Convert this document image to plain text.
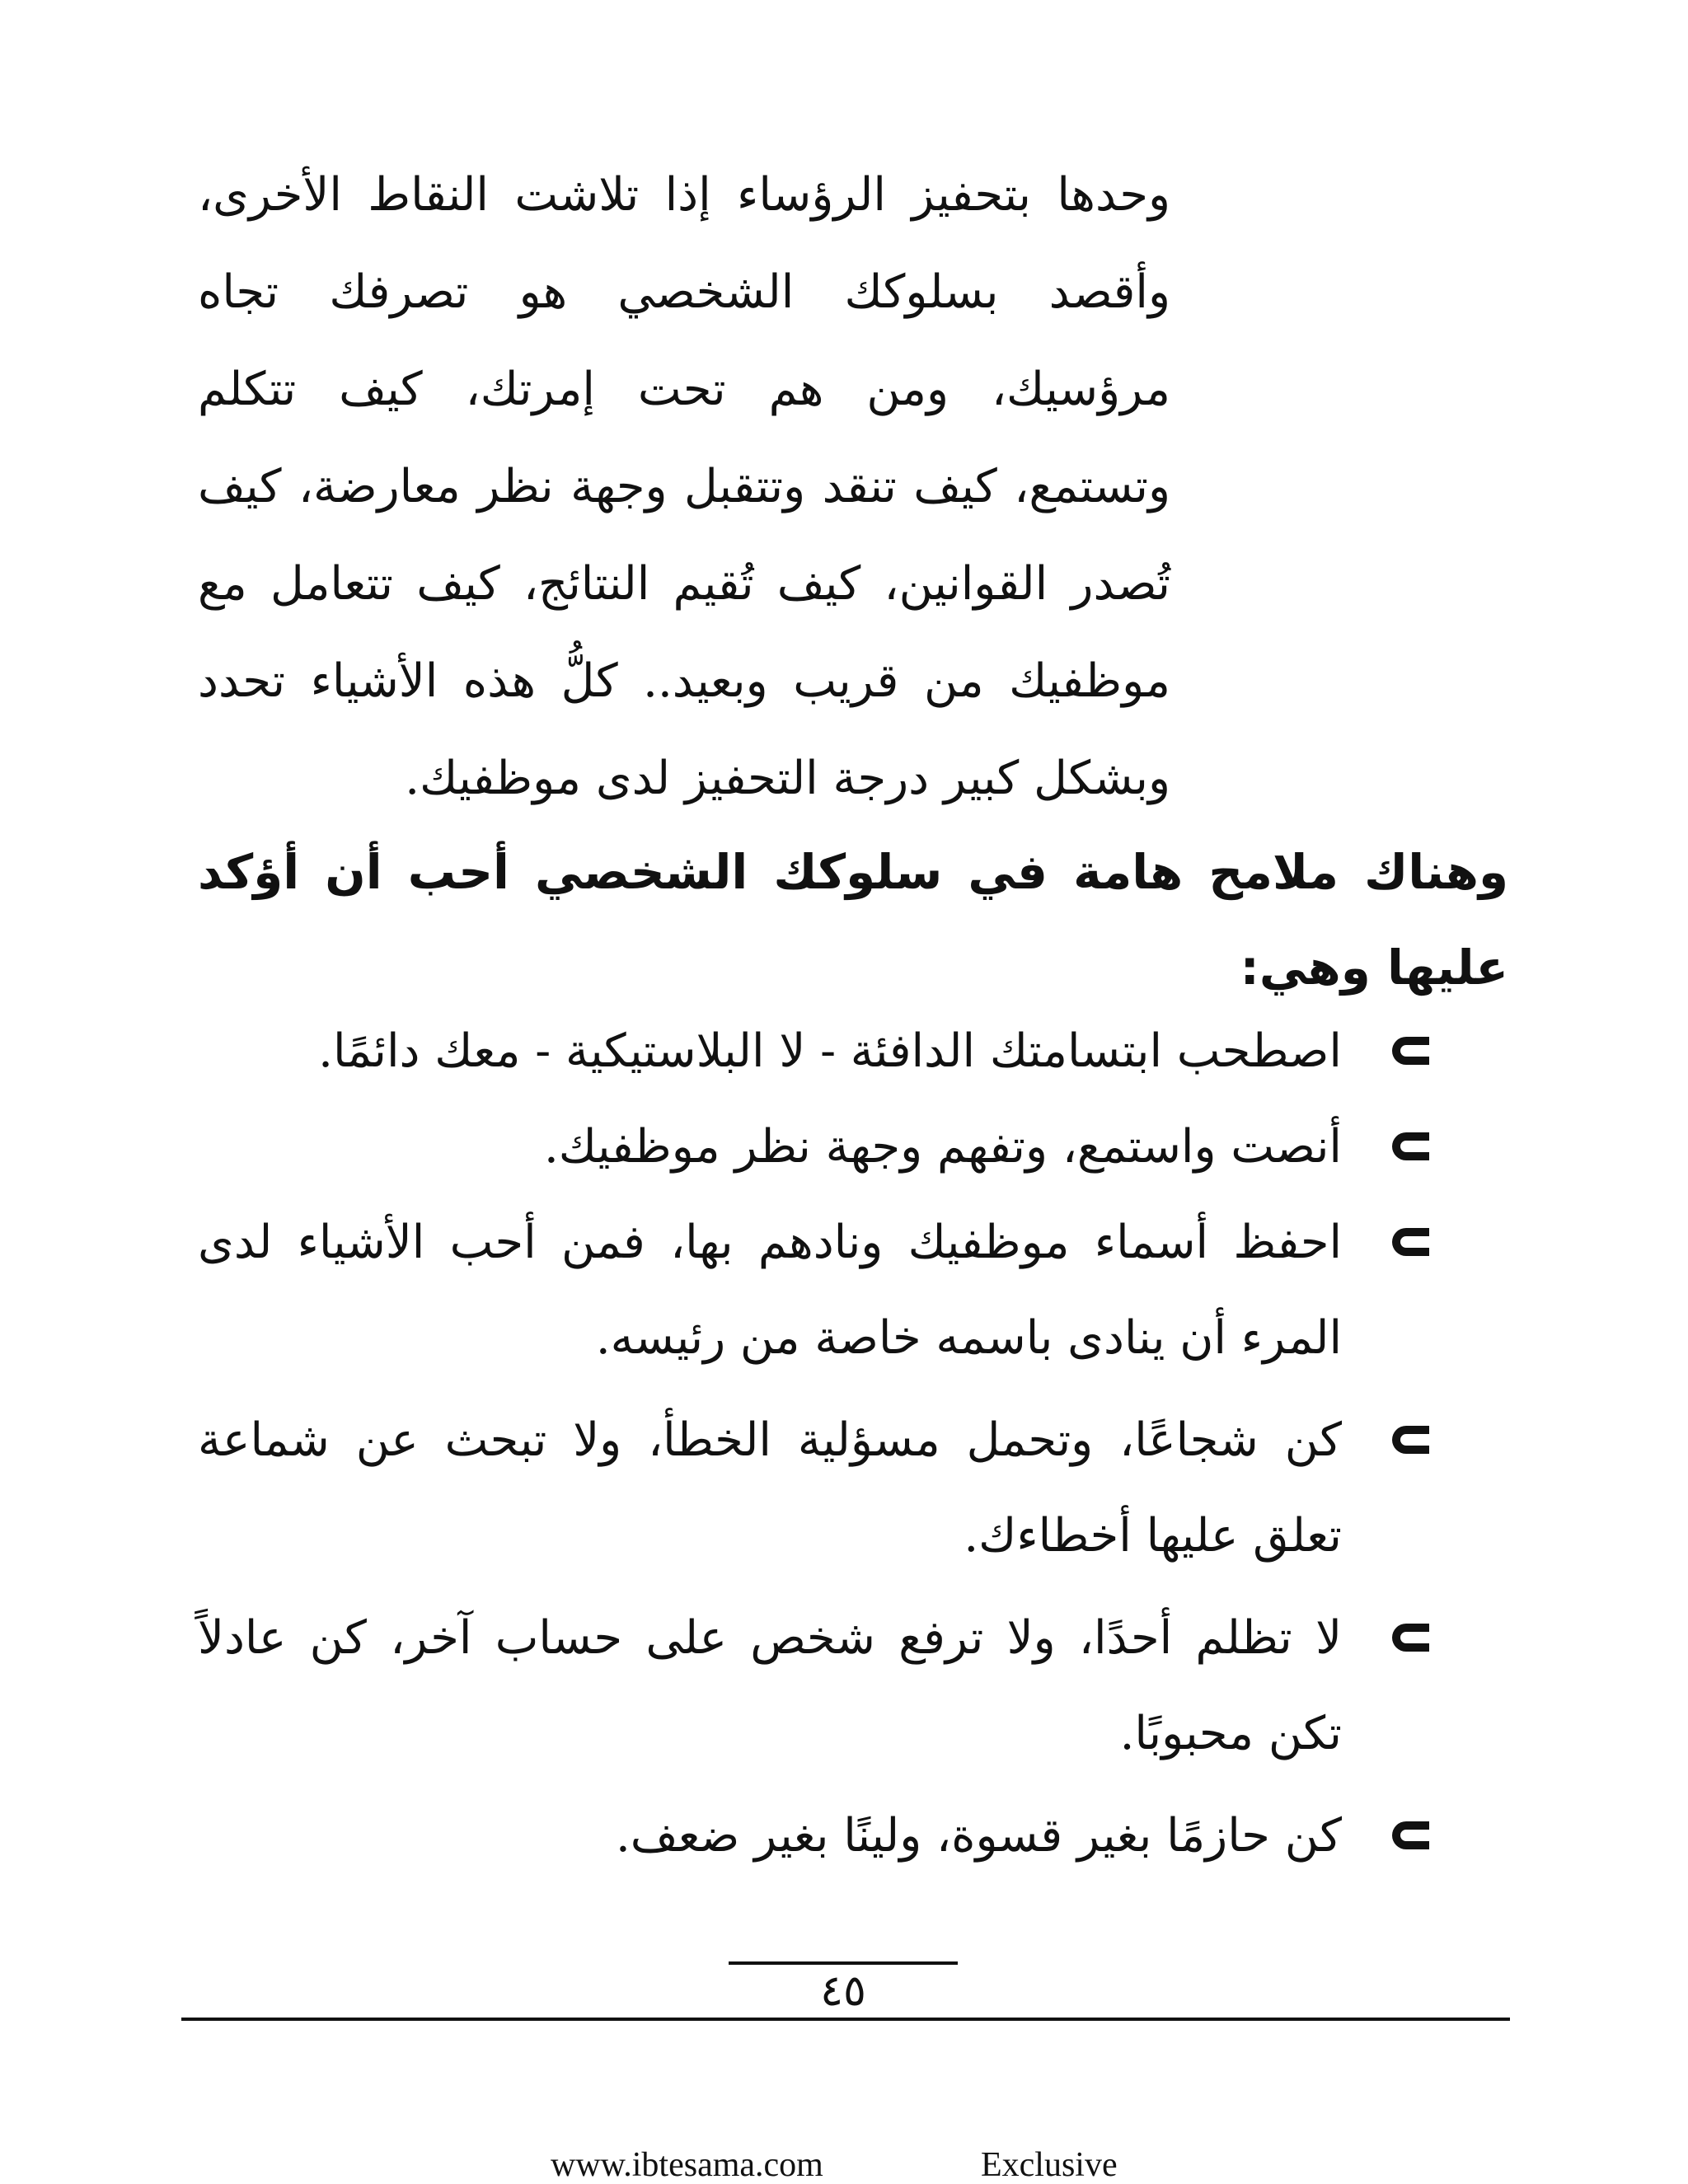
وحدها بتحفيز الرؤساء إذا تلاشت النقاط الأخرى، وأقصد بسلوكك الشخصي هو تصرفك تجاه مرؤسيك، ومن هم تحت إمرتك، كيف تتكلم وتستمع، كيف تنقد وتتقبل وجهة نظر معارضة، كيف تُصدر القوانين، كيف تُقيم النتائج، كيف تتعامل مع موظفيك من قريب وبعيد.. كلُّ هذه الأشياء تحدد وبشكل كبير درجة التحفيز لدى موظفيك.

وهناك ملامح هامة في سلوكك الشخصي أحب أن أؤكد عليها وهي:

اصطحب ابتسامتك الدافئة - لا البلاستيكية - معك دائمًا.
أنصت واستمع، وتفهم وجهة نظر موظفيك.
احفظ أسماء موظفيك ونادهم بها، فمن أحب الأشياء لدى المرء أن ينادى باسمه خاصة من رئيسه.
كن شجاعًا، وتحمل مسؤلية الخطأ، ولا تبحث عن شماعة تعلق عليها أخطاءك.
لا تظلم أحدًا، ولا ترفع شخص على حساب آخر، كن عادلاً تكن محبوبًا.
كن حازمًا بغير قسوة، ولينًا بغير ضعف.
٤٥
www.ibtesama.com	Exclusive
